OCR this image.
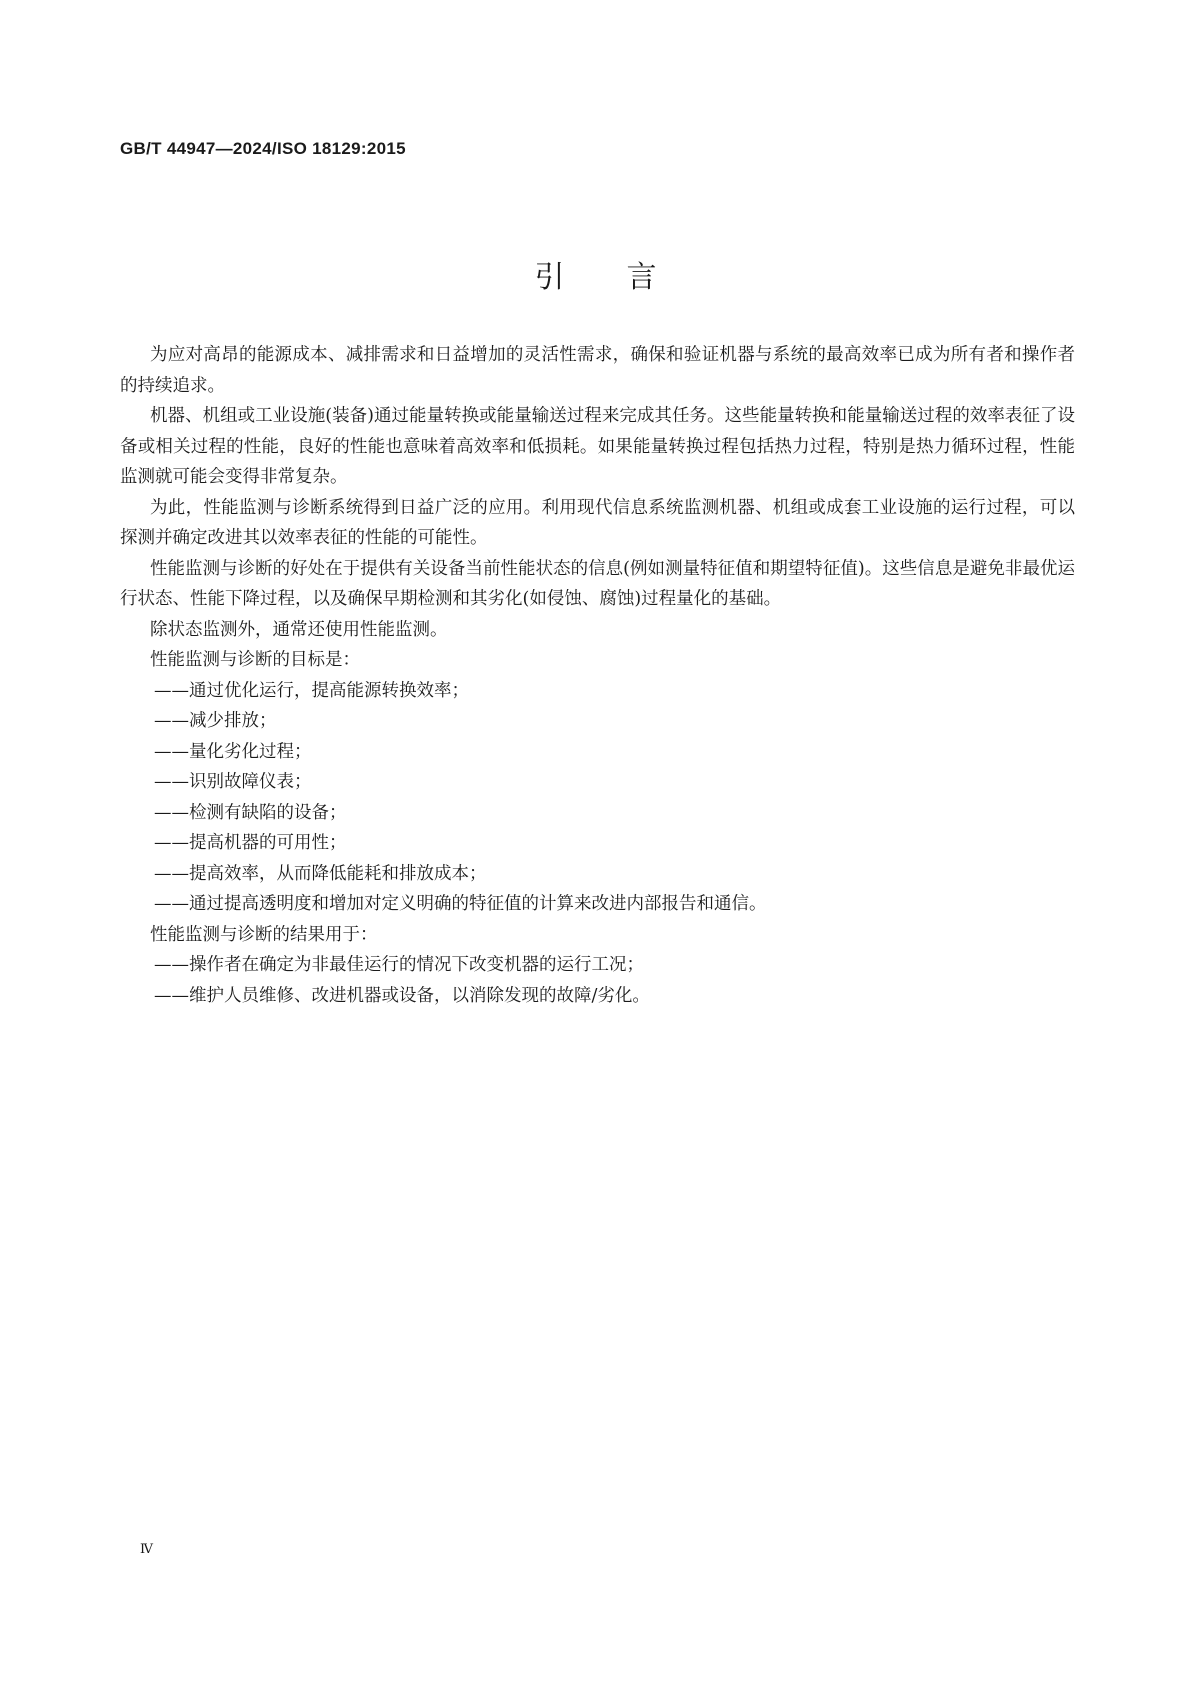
GB/T 44947—2024/ISO 18129:2015
引言

为应对高昂的能源成本、减排需求和日益增加的灵活性需求，确保和验证机器与系统的最高效率已成为所有者和操作者的持续追求。

机器、机组或工业设施(装备)通过能量转换或能量输送过程来完成其任务。这些能量转换和能量输送过程的效率表征了设备或相关过程的性能，良好的性能也意味着高效率和低损耗。如果能量转换过程包括热力过程，特别是热力循环过程，性能监测就可能会变得非常复杂。

为此，性能监测与诊断系统得到日益广泛的应用。利用现代信息系统监测机器、机组或成套工业设施的运行过程，可以探测并确定改进其以效率表征的性能的可能性。

性能监测与诊断的好处在于提供有关设备当前性能状态的信息(例如测量特征值和期望特征值)。这些信息是避免非最优运行状态、性能下降过程，以及确保早期检测和其劣化(如侵蚀、腐蚀)过程量化的基础。

除状态监测外，通常还使用性能监测。

性能监测与诊断的目标是：

——通过优化运行，提高能源转换效率；

——减少排放；

——量化劣化过程；

——识别故障仪表；

——检测有缺陷的设备；

——提高机器的可用性；

——提高效率，从而降低能耗和排放成本；

——通过提高透明度和增加对定义明确的特征值的计算来改进内部报告和通信。

性能监测与诊断的结果用于：

——操作者在确定为非最佳运行的情况下改变机器的运行工况；

——维护人员维修、改进机器或设备，以消除发现的故障/劣化。

Ⅳ
